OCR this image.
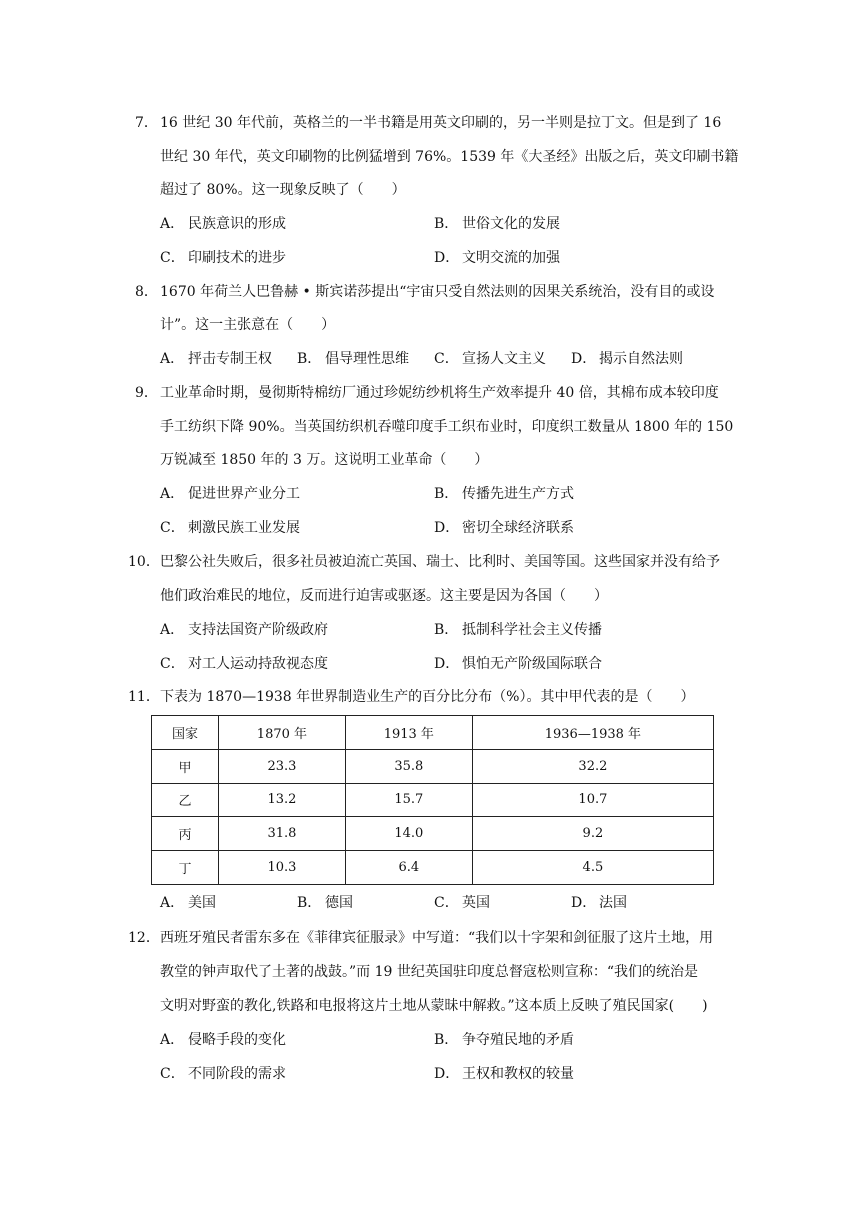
7． 16 世纪 30 年代前，英格兰的一半书籍是用英文印刷的，另一半则是拉丁文。但是到了 16
世纪 30 年代，英文印刷物的比例猛增到 76%。1539 年《大圣经》出版之后，英文印刷书籍
超过了 80%。这一现象反映了（　　）
A． 民族意识的形成	B． 世俗文化的发展
C． 印刷技术的进步	D． 文明交流的加强
8． 1670 年荷兰人巴鲁赫 • 斯宾诺莎提出“宇宙只受自然法则的因果关系统治，没有目的或设
计”。这一主张意在（　　）
A． 抨击专制王权 B． 倡导理性思维 C． 宣扬人文主义 D． 揭示自然法则
9． 工业革命时期，曼彻斯特棉纺厂通过珍妮纺纱机将生产效率提升 40 倍，其棉布成本较印度
手工纺织下降 90%。当英国纺织机吞噬印度手工织布业时，印度织工数量从 1800 年的 150
万锐减至 1850 年的 3 万。这说明工业革命（　　）
A． 促进世界产业分工	B． 传播先进生产方式
C． 刺激民族工业发展	D． 密切全球经济联系
10． 巴黎公社失败后，很多社员被迫流亡英国、瑞士、比利时、美国等国。这些国家并没有给予
他们政治难民的地位，反而进行迫害或驱逐。这主要是因为各国（　　）
A． 支持法国资产阶级政府	B． 抵制科学社会主义传播
C． 对工人运动持敌视态度	D． 惧怕无产阶级国际联合
11． 下表为 1870—1938 年世界制造业生产的百分比分布（%）。其中甲代表的是（　　）
国家	1870 年	1913 年	1936—1938 年
甲	23.3	35.8	32.2
乙	13.2	15.7	10.7
丙	31.8	14.0	9.2
丁	10.3	6.4	4.5
A． 美国	B． 德国	C． 英国	D． 法国
12． 西班牙殖民者雷东多在《菲律宾征服录》中写道：“我们以十字架和剑征服了这片土地，用
教堂的钟声取代了土著的战鼓。”而 19 世纪英国驻印度总督寇松则宣称：“我们的统治是
文明对野蛮的教化,铁路和电报将这片土地从蒙昧中解救。”这本质上反映了殖民国家(　　)
A． 侵略手段的变化	B． 争夺殖民地的矛盾
C． 不同阶段的需求	D． 王权和教权的较量
